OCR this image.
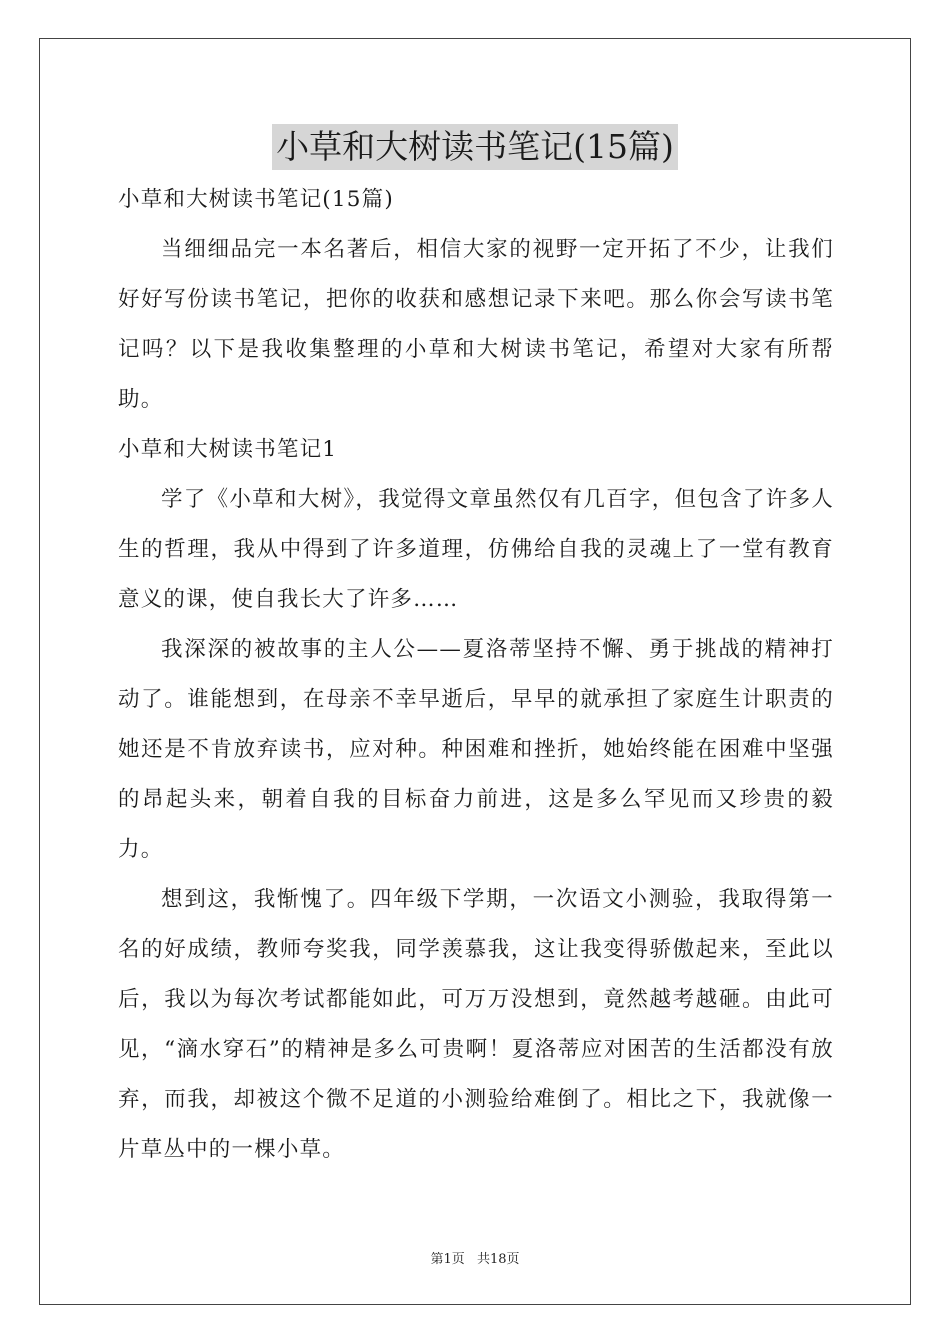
小草和大树读书笔记(15篇)

小草和大树读书笔记(15篇)

当细细品完一本名著后，相信大家的视野一定开拓了不少，让我们好好写份读书笔记，把你的收获和感想记录下来吧。那么你会写读书笔记吗？以下是我收集整理的小草和大树读书笔记，希望对大家有所帮助。

小草和大树读书笔记1

学了《小草和大树》，我觉得文章虽然仅有几百字，但包含了许多人生的哲理，我从中得到了许多道理，仿佛给自我的灵魂上了一堂有教育意义的课，使自我长大了许多……

我深深的被故事的主人公——夏洛蒂坚持不懈、勇于挑战的精神打动了。谁能想到，在母亲不幸早逝后，早早的就承担了家庭生计职责的她还是不肯放弃读书，应对种。种困难和挫折，她始终能在困难中坚强的昂起头来，朝着自我的目标奋力前进，这是多么罕见而又珍贵的毅力。

想到这，我惭愧了。四年级下学期，一次语文小测验，我取得第一名的好成绩，教师夸奖我，同学羡慕我，这让我变得骄傲起来，至此以后，我以为每次考试都能如此，可万万没想到，竟然越考越砸。由此可见，“滴水穿石”的精神是多么可贵啊！夏洛蒂应对困苦的生活都没有放弃，而我，却被这个微不足道的小测验给难倒了。相比之下，我就像一片草丛中的一棵小草。

第1页 共18页
